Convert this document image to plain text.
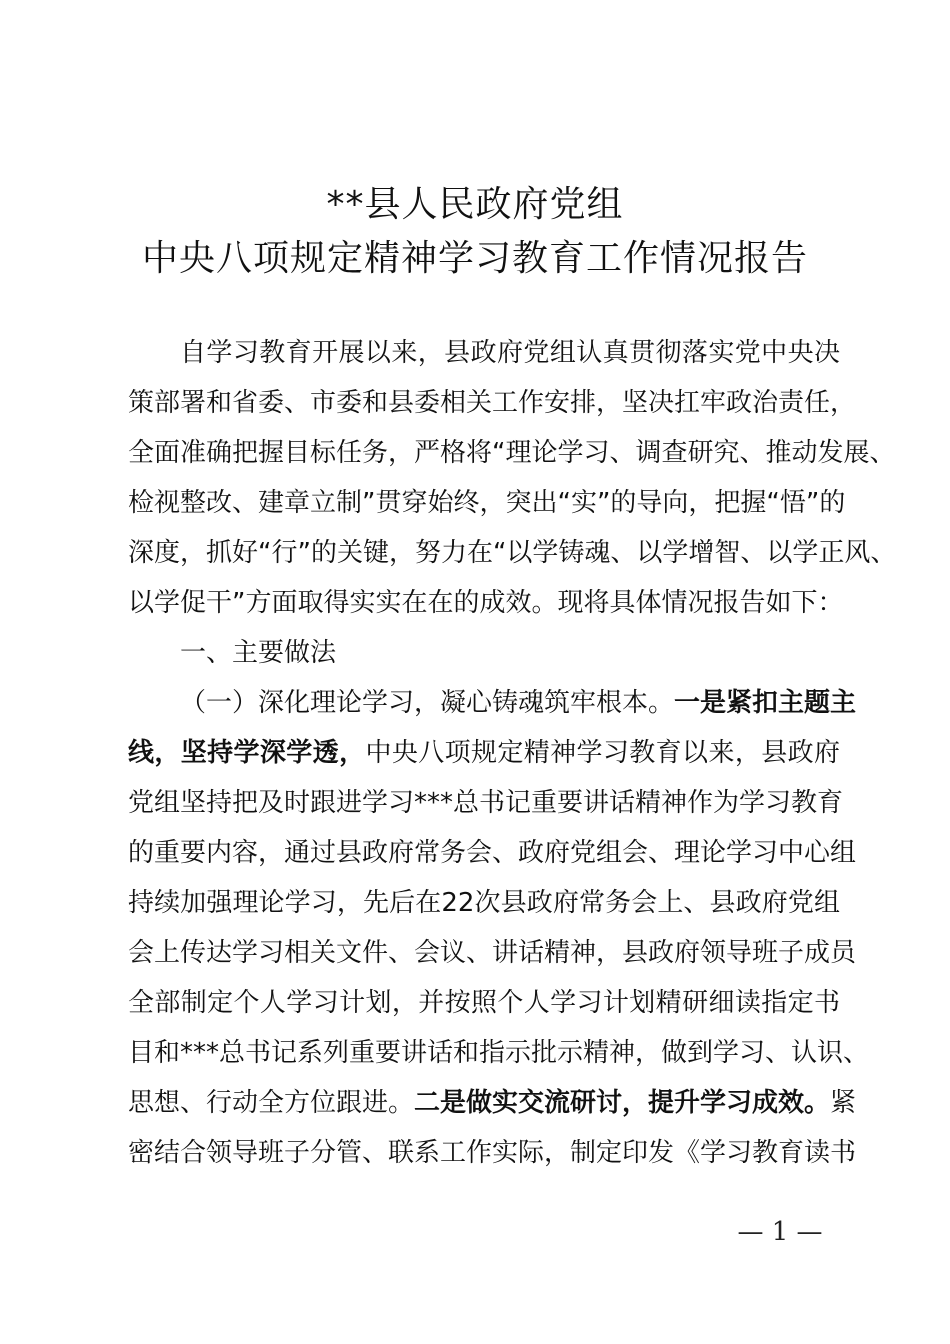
**县人民政府党组
中央八项规定精神学习教育工作情况报告
自学习教育开展以来，县政府党组认真贯彻落实党中央决
策部署和省委、市委和县委相关工作安排，坚决扛牢政治责任，
全面准确把握目标任务，严格将“理论学习、调查研究、推动发展、
检视整改、建章立制”贯穿始终，突出“实”的导向，把握“悟”的
深度，抓好“行”的关键，努力在“以学铸魂、以学增智、以学正风、
以学促干”方面取得实实在在的成效。现将具体情况报告如下：
一、主要做法
（一）深化理论学习，凝心铸魂筑牢根本。一是紧扣主题主
线，坚持学深学透，中央八项规定精神学习教育以来，县政府
党组坚持把及时跟进学习***总书记重要讲话精神作为学习教育
的重要内容，通过县政府常务会、政府党组会、理论学习中心组
持续加强理论学习，先后在22次县政府常务会上、县政府党组
会上传达学习相关文件、会议、讲话精神，县政府领导班子成员
全部制定个人学习计划，并按照个人学习计划精研细读指定书
目和***总书记系列重要讲话和指示批示精神，做到学习、认识、
思想、行动全方位跟进。二是做实交流研讨，提升学习成效。紧
密结合领导班子分管、联系工作实际，制定印发《学习教育读书
— 1 —
